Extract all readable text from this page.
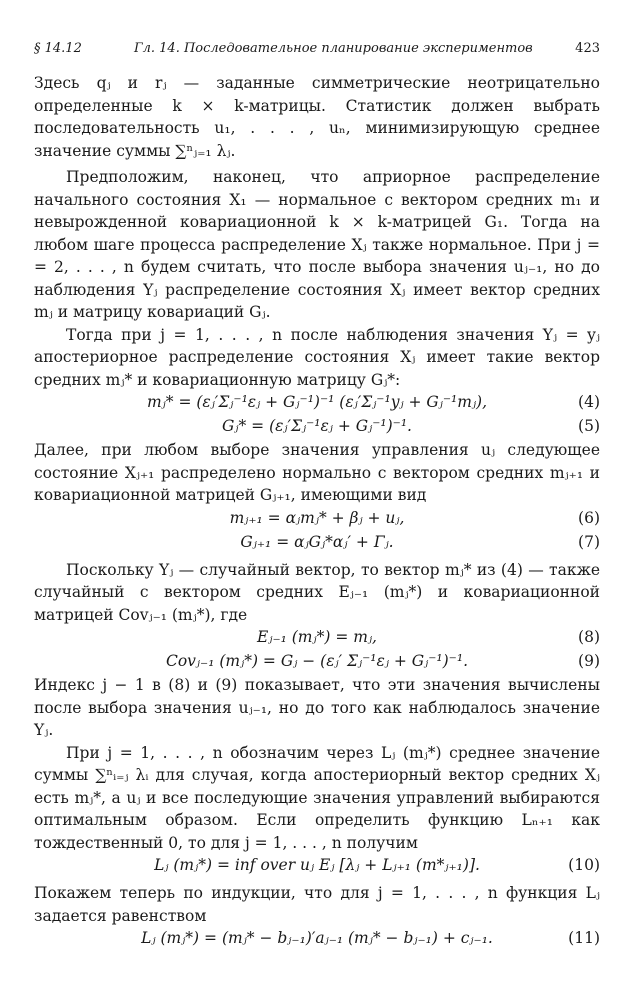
§ 14.12	Гл. 14. Последовательное планирование экспериментов	423

Здесь qⱼ и rⱼ — заданные симметрические неотрицательно определенные k × k-матрицы. Статистик должен выбрать последовательность u₁, . . . , uₙ, минимизирующую среднее значение суммы ∑ⁿⱼ₌₁ λⱼ.

Предположим, наконец, что априорное распределение начального состояния X₁ — нормальное с вектором средних m₁ и невырожденной ковариационной k × k-матрицей G₁. Тогда на любом шаге процесса распределение Xⱼ также нормальное. При j = = 2, . . . , n будем считать, что после выбора значения uⱼ₋₁, но до наблюдения Yⱼ распределение состояния Xⱼ имеет вектор средних mⱼ и матрицу ковариаций Gⱼ.

Тогда при j = 1, . . . , n после наблюдения значения Yⱼ = yⱼ апостериорное распределение состояния Xⱼ имеет такие вектор средних mⱼ* и ковариационную матрицу Gⱼ*:

mⱼ* = (εⱼ′Σⱼ⁻¹εⱼ + Gⱼ⁻¹)⁻¹ (εⱼ′Σⱼ⁻¹yⱼ + Gⱼ⁻¹mⱼ),	(4)
Gⱼ* = (εⱼ′Σⱼ⁻¹εⱼ + Gⱼ⁻¹)⁻¹.	(5)

Далее, при любом выборе значения управления uⱼ следующее состояние Xⱼ₊₁ распределено нормально с вектором средних mⱼ₊₁ и ковариационной матрицей Gⱼ₊₁, имеющими вид

mⱼ₊₁ = αⱼmⱼ* + βⱼ + uⱼ,	(6)
Gⱼ₊₁ = αⱼGⱼ*αⱼ′ + Γⱼ.	(7)

Поскольку Yⱼ — случайный вектор, то вектор mⱼ* из (4) — также случайный с вектором средних Eⱼ₋₁ (mⱼ*) и ковариационной матрицей Covⱼ₋₁ (mⱼ*), где

Eⱼ₋₁ (mⱼ*) = mⱼ,	(8)
Covⱼ₋₁ (mⱼ*) = Gⱼ − (εⱼ′ Σⱼ⁻¹εⱼ + Gⱼ⁻¹)⁻¹.	(9)

Индекс j − 1 в (8) и (9) показывает, что эти значения вычислены после выбора значения uⱼ₋₁, но до того как наблюдалось значение Yⱼ.

При j = 1, . . . , n обозначим через Lⱼ (mⱼ*) среднее значение суммы ∑ⁿᵢ₌ⱼ λᵢ для случая, когда апостериорный вектор средних Xⱼ есть mⱼ*, а uⱼ и все последующие значения управлений выбираются оптимальным образом. Если определить функцию Lₙ₊₁ как тождественный 0, то для j = 1, . . . , n получим

Lⱼ (mⱼ*) = inf over uⱼ Eⱼ [λⱼ + Lⱼ₊₁ (m*ⱼ₊₁)].	(10)

Покажем теперь по индукции, что для j = 1, . . . , n функция Lⱼ задается равенством

Lⱼ (mⱼ*) = (mⱼ* − bⱼ₋₁)′aⱼ₋₁ (mⱼ* − bⱼ₋₁) + cⱼ₋₁.	(11)
